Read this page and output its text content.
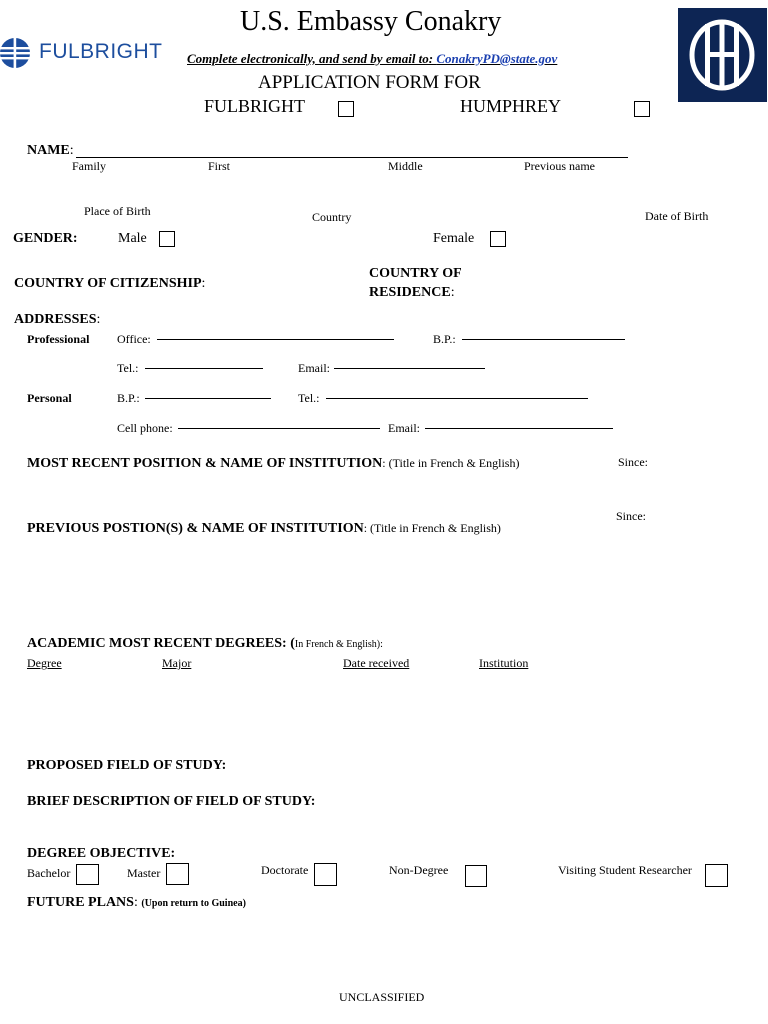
FULBRIGHT
U.S. Embassy Conakry
Complete electronically, and send by email to: ConakryPD@state.gov
APPLICATION FORM FOR
FULBRIGHT	HUMPHREY
NAME:
Family	First	Middle	Previous name
Place of Birth	Country	Date of Birth
GENDER:	Male	Female
COUNTRY OF CITIZENSHIP:
COUNTRY OF
RESIDENCE:
ADDRESSES:
Professional Office:	B.P.:
Tel.:	Email:
Personal	B.P.:	Tel.:
Cell phone:	Email:
MOST RECENT POSITION & NAME OF INSTITUTION: (Title in French & English)	Since:
Since:
PREVIOUS POSTION(S) & NAME OF INSTITUTION: (Title in French & English)
ACADEMIC MOST RECENT DEGREES: (In French & English):
Degree	Major	Date received	Institution
PROPOSED FIELD OF STUDY:
BRIEF DESCRIPTION OF FIELD OF STUDY:
DEGREE OBJECTIVE:
Bachelor	Master	Doctorate	Non-Degree	Visiting Student Researcher
FUTURE PLANS: (Upon return to Guinea)
UNCLASSIFIED
